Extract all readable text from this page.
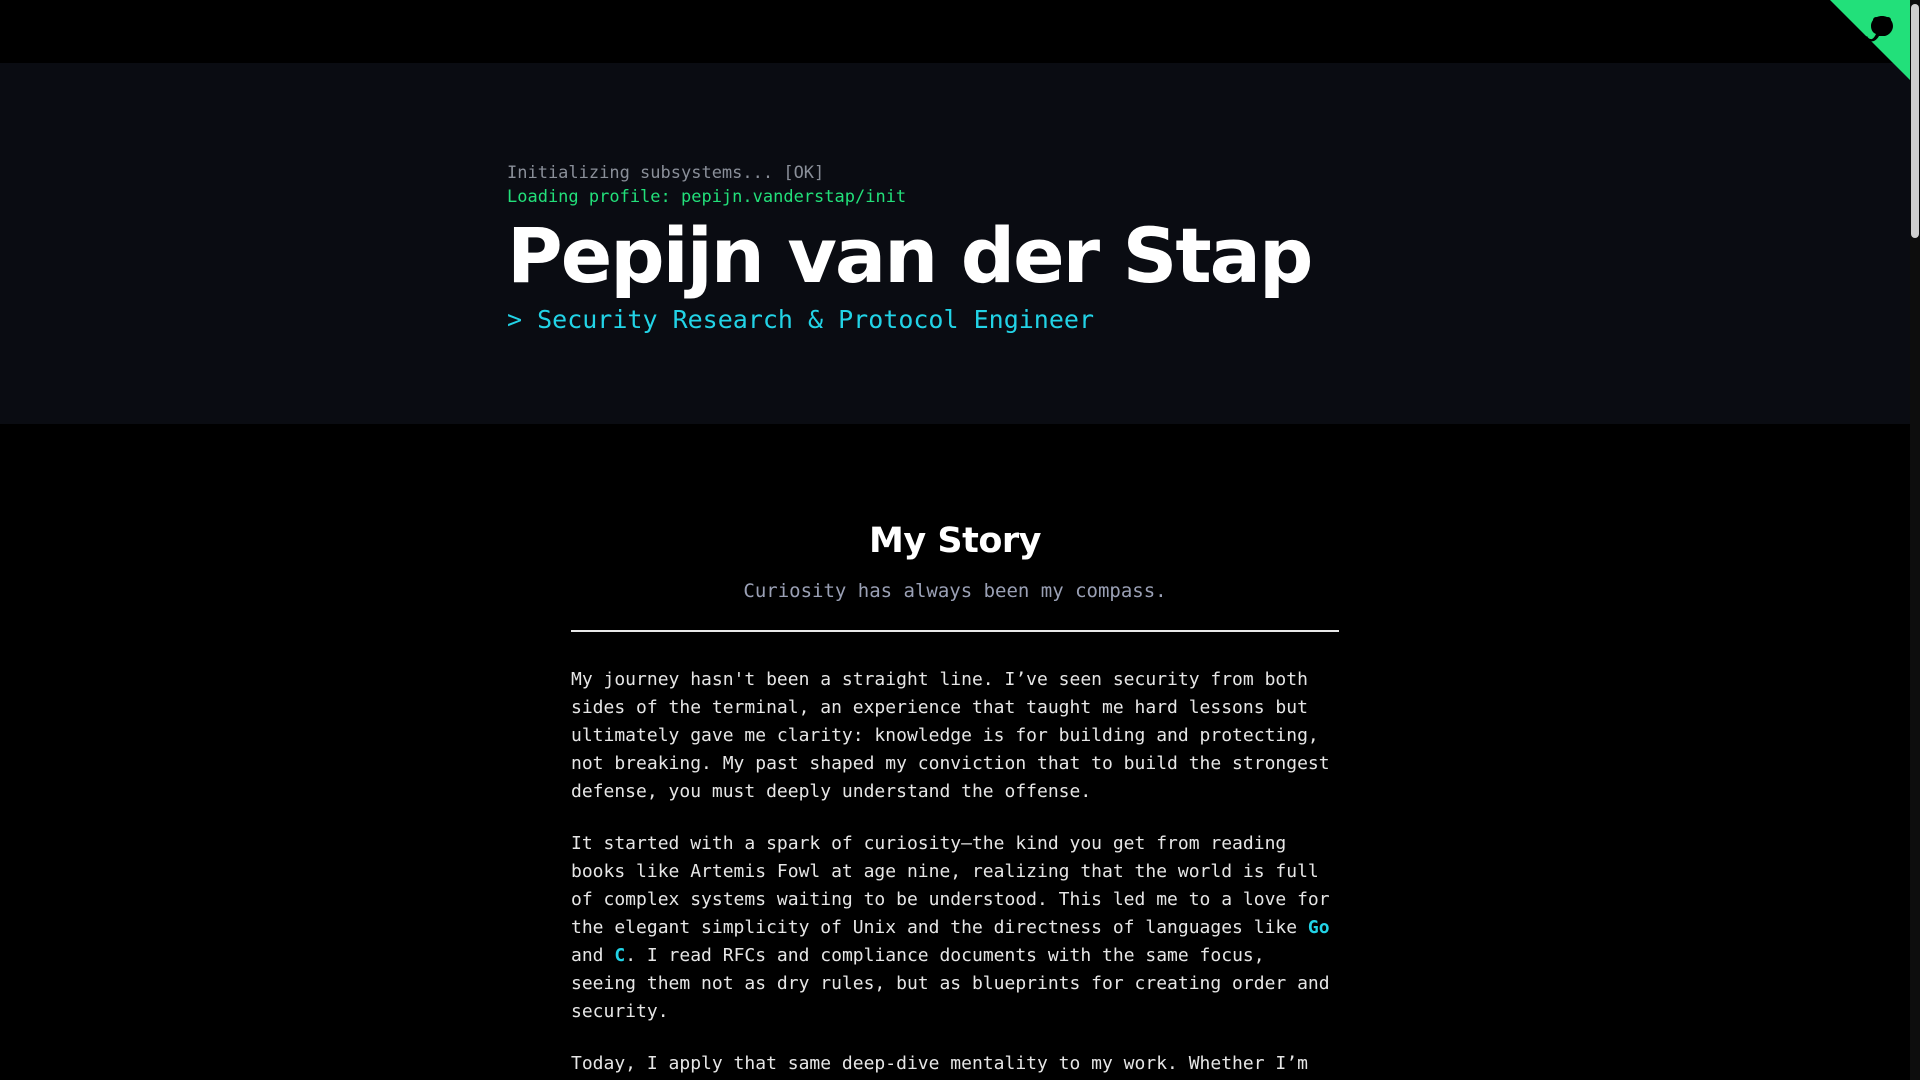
Initializing subsystems... [OK]
Loading profile: pepijn.vanderstap/init
Pepijn van der Stap
> Security Research & Protocol Engineer
My Story
Curiosity has always been my compass.

My journey hasn't been a straight line. I’ve seen security from both sides of the terminal, an experience that taught me hard lessons but ultimately gave me clarity: knowledge is for building and protecting, not breaking. My past shaped my conviction that to build the strongest defense, you must deeply understand the offense.

It started with a spark of curiosity—the kind you get from reading books like Artemis Fowl at age nine, realizing that the world is full of complex systems waiting to be understood. This led me to a love for the elegant simplicity of Unix and the directness of languages like Go and C. I read RFCs and compliance documents with the same focus, seeing them not as dry rules, but as blueprints for creating order and security.

Today, I apply that same deep-dive mentality to my work. Whether I’m
